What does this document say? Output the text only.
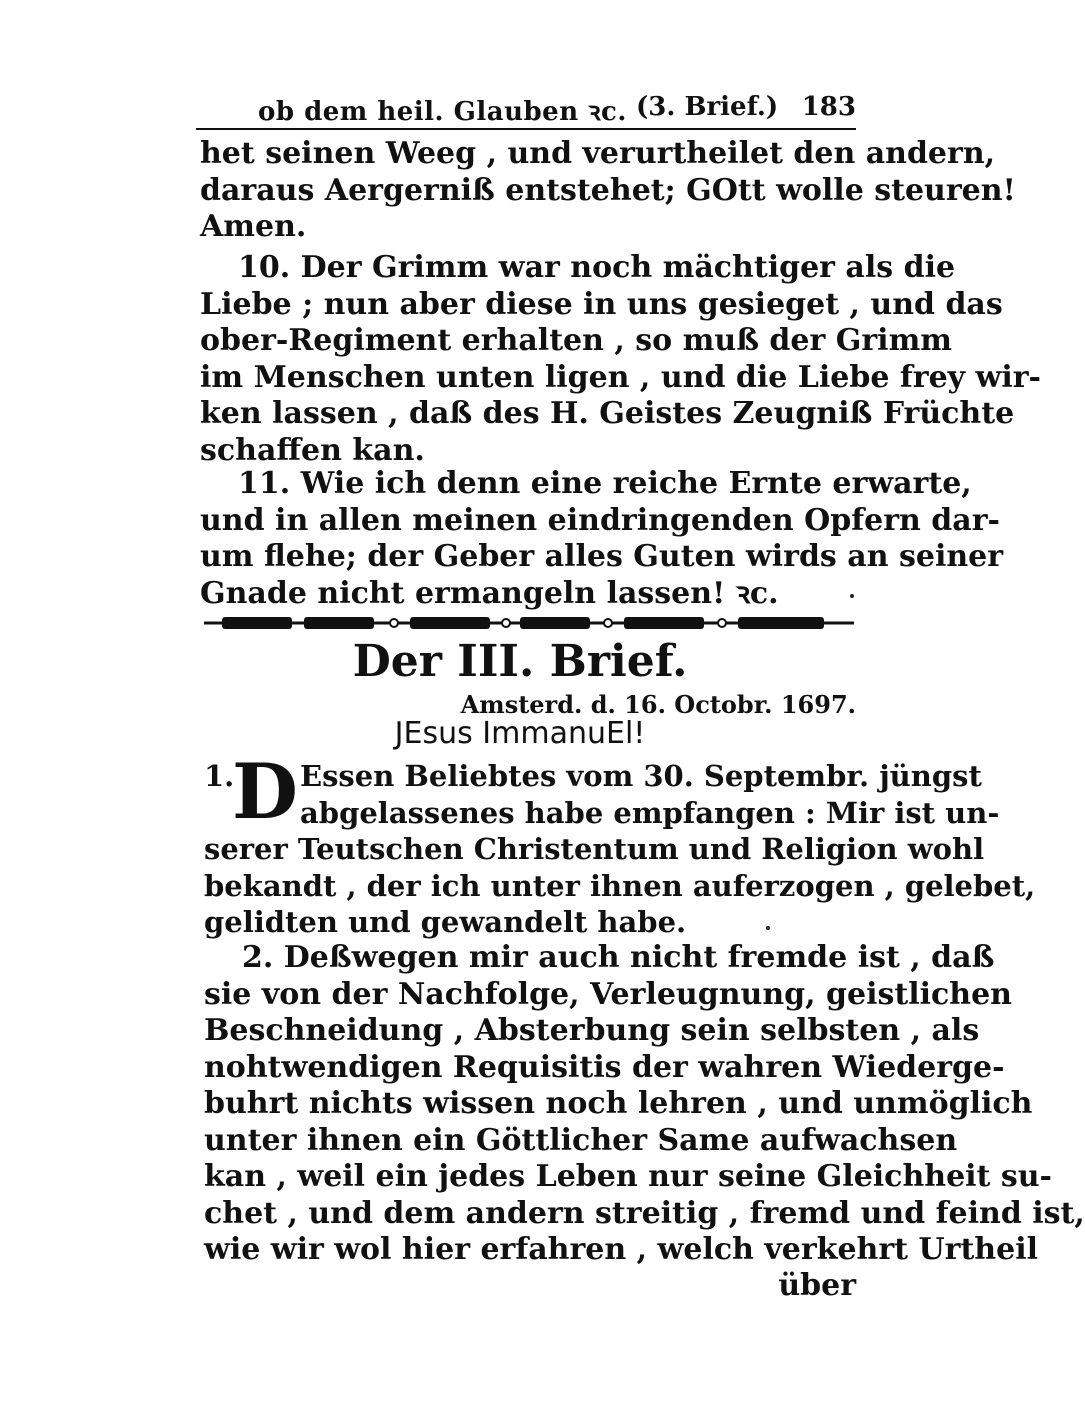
ob dem heil. Glauben ꝛc. (3. Brief.) 183
het seinen Weeg , und verurtheilet den andern,
daraus Aergerniß entstehet; GOtt wolle steuren!
Amen.
10. Der Grimm war noch mächtiger als die
Liebe ; nun aber diese in uns gesieget , und das
ober-Regiment erhalten , so muß der Grimm
im Menschen unten ligen , und die Liebe frey wir-
ken lassen , daß des H. Geistes Zeugniß Früchte
schaffen kan.
11. Wie ich denn eine reiche Ernte erwarte,
und in allen meinen eindringenden Opfern dar-
um flehe; der Geber alles Guten wirds an seiner
Gnade nicht ermangeln lassen! ꝛc.
Der III. Brief.
Amsterd. d. 16. Octobr. 1697.
JEsus ImmanuEl!
1.
D Essen Beliebtes vom 30. Septembr. jüngst
abgelassenes habe empfangen : Mir ist un-
serer Teutschen Christentum und Religion wohl
bekandt , der ich unter ihnen auferzogen , gelebet,
gelidten und gewandelt habe.
2. Deßwegen mir auch nicht fremde ist , daß
sie von der Nachfolge, Verleugnung, geistlichen
Beschneidung , Absterbung sein selbsten , als
nohtwendigen Requisitis der wahren Wiederge-
buhrt nichts wissen noch lehren , und unmöglich
unter ihnen ein Göttlicher Same aufwachsen
kan , weil ein jedes Leben nur seine Gleichheit su-
chet , und dem andern streitig , fremd und feind ist,
wie wir wol hier erfahren , welch verkehrt Urtheil
über
